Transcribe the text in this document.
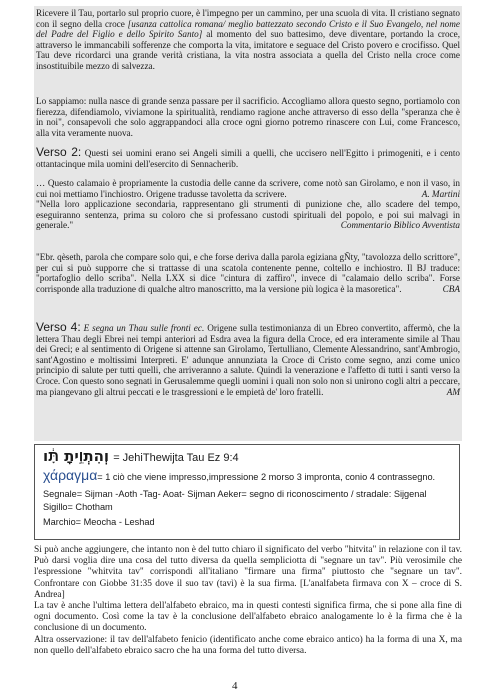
Ricevere il Tau, portarlo sul proprio cuore, è l'impegno per un cammino, per una scuola di vita. Il cristiano segnato con il segno della croce [usanza cattolica romana/ meglio battezzato secondo Cristo e il Suo Evangelo, nel nome del Padre del Figlio e dello Spirito Santo] al momento del suo battesimo, deve diventare, portando la croce, attraverso le immancabili sofferenze che comporta la vita, imitatore e seguace del Cristo povero e crocifisso. Quel Tau deve ricordarci una grande verità cristiana, la vita nostra associata a quella del Cristo nella croce come insostituibile mezzo di salvezza.

Lo sappiamo: nulla nasce di grande senza passare per il sacrificio. Accogliamo allora questo segno, portiamolo con fierezza, difendiamolo, viviamone la spiritualità, rendiamo ragione anche attraverso di esso della "speranza che è in noi", consapevoli che solo aggrappandoci alla croce ogni giorno potremo rinascere con Lui, come Francesco, alla vita veramente nuova.

Verso 2: Questi sei uomini erano sei Angeli simili a quelli, che uccisero nell'Egitto i primogeniti, e i cento ottantacinque mila uomini dell'esercito di Sennacherib.

… Questo calamaio è propriamente la custodia delle canne da scrivere, come notò san Girolamo, e non il vaso, in cui noi mettiamo l'inchiostro. Origene tradusse tavoletta da scrivere.	A. Martini

"Nella loro applicazione secondaria, rappresentano gli strumenti di punizione che, allo scadere del tempo, eseguiranno sentenza, prima su coloro che si professano custodi spirituali del popolo, e poi sui malvagi in generale."	Commentario Biblico Avventista

"Ebr. qèseth, parola che compare solo qui, e che forse deriva dalla parola egiziana gÑty, "tavolozza dello scrittore", per cui si può supporre che si trattasse di una scatola contenente penne, coltello e inchiostro. Il BJ traduce: "portafoglio dello scriba". Nella LXX si dice "cintura di zaffiro", invece di "calamaio dello scriba". Forse corrisponde alla traduzione di qualche altro manoscritto, ma la versione più logica è la masoretica".	CBA

Verso 4: E segna un Thau sulle fronti ec. Origene sulla testimonianza di un Ebreo convertito, affermò, che la lettera Thau degli Ebrei nei tempi anteriori ad Esdra avea la figura della Croce, ed era interamente simile al Thau dei Greci; e al sentimento di Origene si attenne san Girolamo, Tertulliano, Clemente Alessandrino, sant'Ambrogio, sant'Agostino e moltissimi Interpreti. E' adunque annunziata la Croce di Cristo come segno, anzi come unico principio di salute per tutti quelli, che arriveranno a salute. Quindi la venerazione e l'affetto di tutti i santi verso la Croce. Con questo sono segnati in Gerusalemme quegli uomini i quali non solo non si unirono cogli altri a peccare, ma piangevano gli altrui peccati e le trasgressioni e le empietà de' loro fratelli.	AM

וְהִתְוִ֣יתָ תָּ֔ו = JehiThewijta Tau Ez 9:4
χάραγμα= 1 ciò che viene impresso,impressione 2 morso 3 impronta, conio 4 contrassegno.
Segnale= Sijman -Aoth -Tag- Aoat- Sijman Aeker= segno di riconoscimento / stradale: Sijgenal
Sigillo= Chotham
Marchio= Meocha - Leshad

Si può anche aggiungere, che intanto non è del tutto chiaro il significato del verbo "hitvita" in relazione con il tav. Può darsi voglia dire una cosa del tutto diversa da quella sempliciotta di "segnare un tav". Più verosimile che l'espressione "whitvita tav" corrispondi all'italiano "firmare una firma" piuttosto che "segnare un tav". Confrontare con Giobbe 31:35 dove il suo tav (tavì) è la sua firma. [L'analfabeta firmava con X – croce di S. Andrea]

La tav è anche l'ultima lettera dell'alfabeto ebraico, ma in questi contesti significa firma, che si pone alla fine di ogni documento. Così come la tav è la conclusione dell'alfabeto ebraico analogamente lo è la firma che è la conclusione di un documento.

Altra osservazione: il tav dell'alfabeto fenicio (identificato anche come ebraico antico) ha la forma di una X, ma non quello dell'alfabeto ebraico sacro che ha una forma del tutto diversa.

4
